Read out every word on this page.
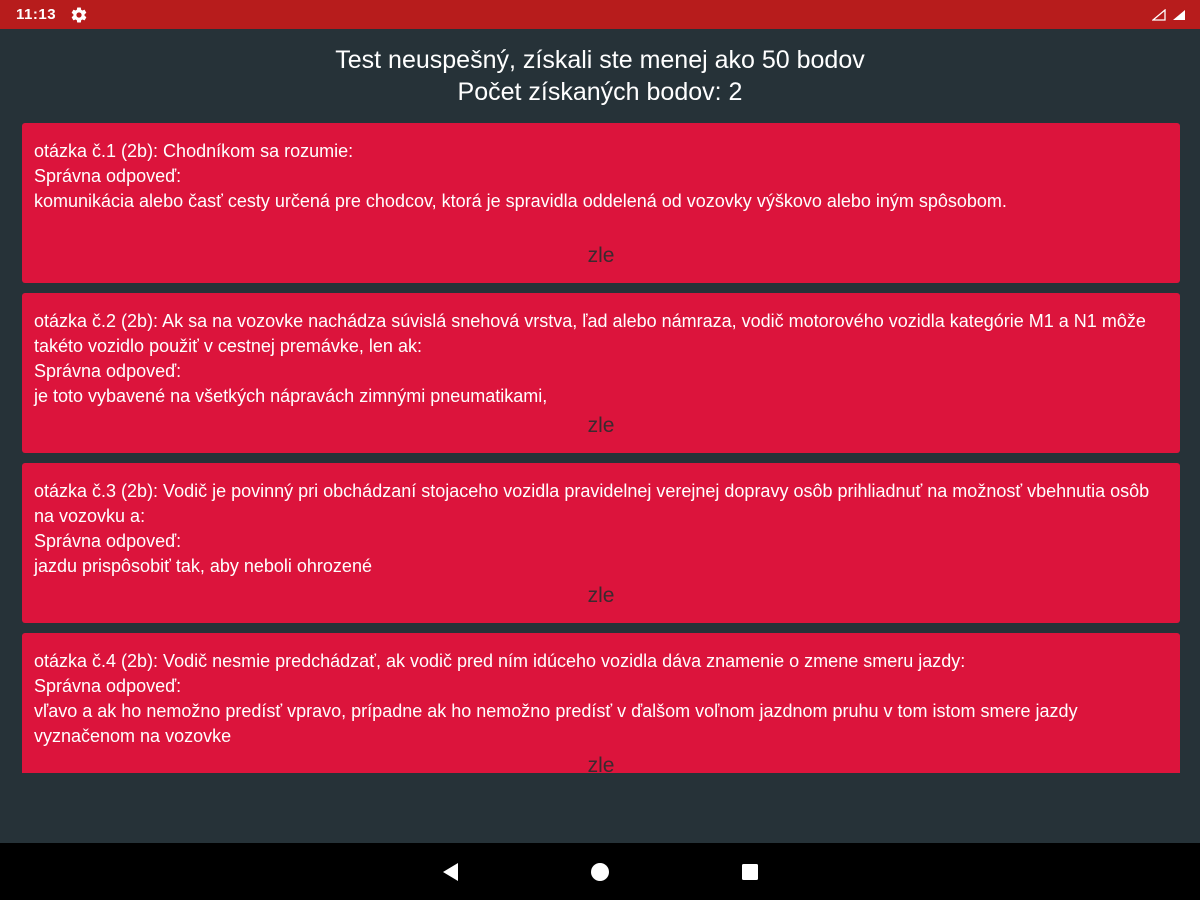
11:13
Test neuspešný, získali ste menej ako 50 bodov
Počet získaných bodov: 2
otázka č.1 (2b): Chodníkom sa rozumie:
Správna odpoveď:
komunikácia alebo časť cesty určená pre chodcov, ktorá je spravidla oddelená od vozovky výškovo alebo iným spôsobom.
zle
otázka č.2 (2b): Ak sa na vozovke nachádza súvislá snehová vrstva, ľad alebo námraza, vodič motorového vozidla kategórie M1 a N1 môže takéto vozidlo použiť v cestnej premávke, len ak:
Správna odpoveď:
je toto vybavené na všetkých nápravách zimnými pneumatikami,
zle
otázka č.3 (2b): Vodič je povinný pri obchádzaní stojaceho vozidla pravidelnej verejnej dopravy osôb prihliadnuť na možnosť vbehnutia osôb na vozovku a:
Správna odpoveď:
jazdu prispôsobiť tak, aby neboli ohrozené
zle
otázka č.4 (2b): Vodič nesmie predchádzať, ak vodič pred ním idúceho vozidla dáva znamenie o zmene smeru jazdy:
Správna odpoveď:
vľavo a ak ho nemožno predísť vpravo, prípadne ak ho nemožno predísť v ďalšom voľnom jazdnom pruhu v tom istom smere jazdy vyznačenom na vozovke
zle
